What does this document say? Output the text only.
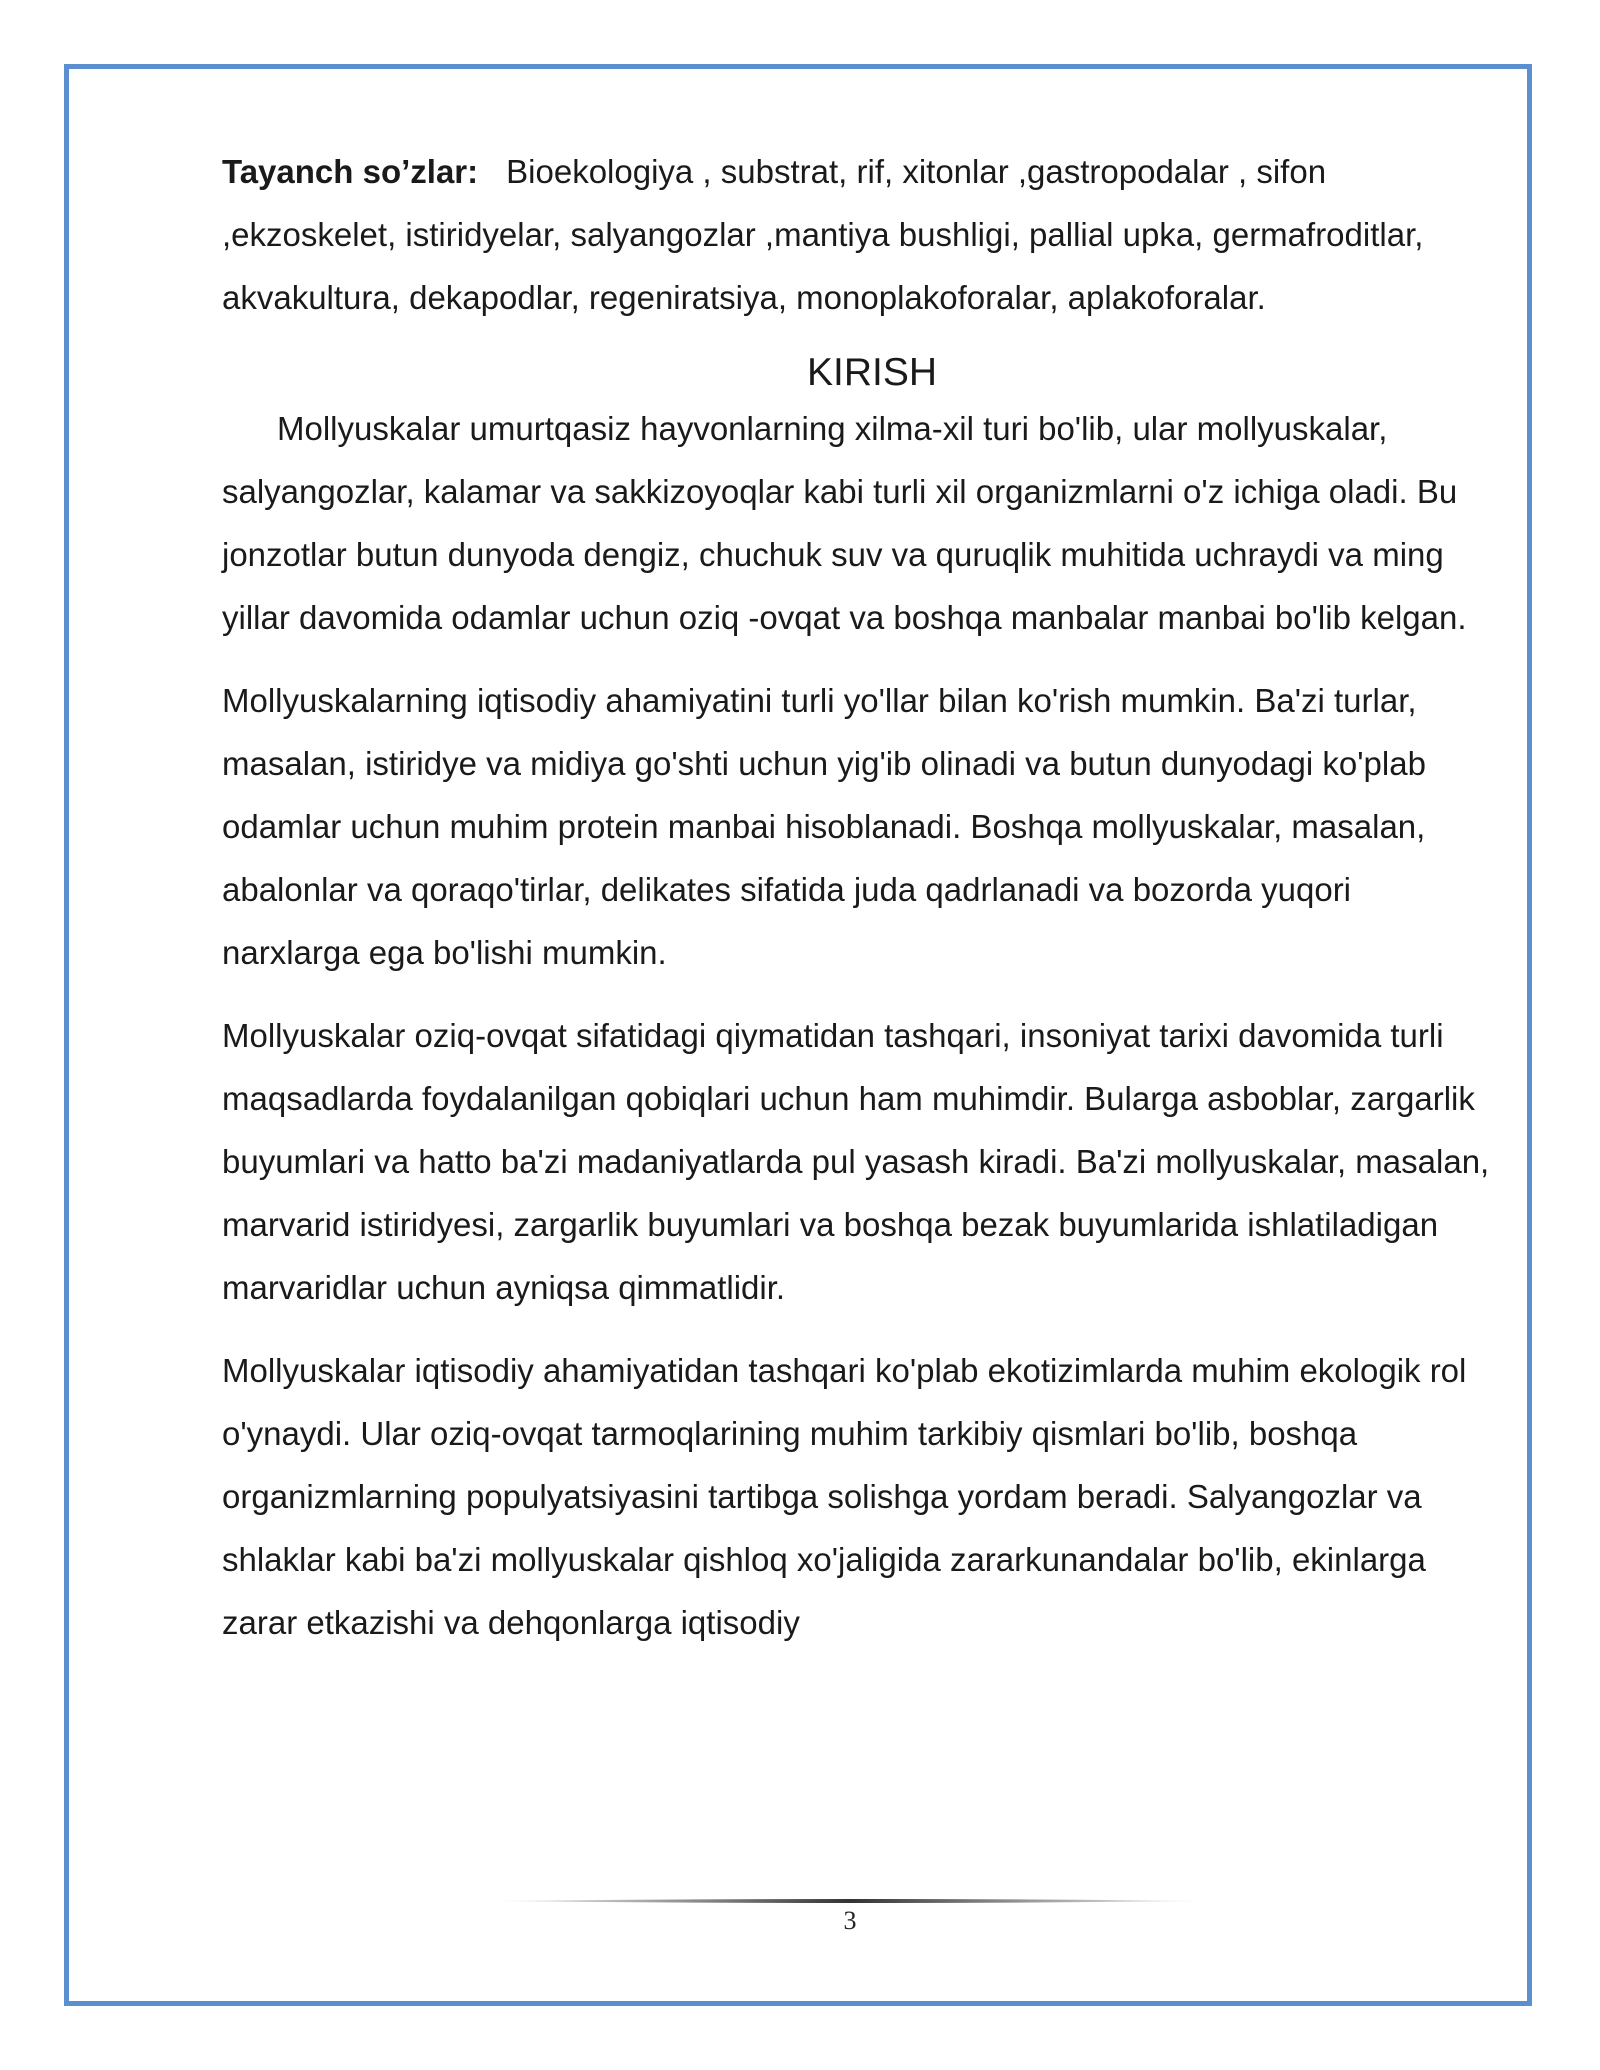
Tayanch so’zlar: Bioekologiya , substrat, rif, xitonlar ,gastropodalar , sifon ,ekzoskelet, istiridyelar, salyangozlar ,mantiya bushligi, pallial upka, germafroditlar, akvakultura, dekapodlar, regeniratsiya, monoplakoforalar, aplakoforalar.

KIRISH

Mollyuskalar umurtqasiz hayvonlarning xilma-xil turi bo'lib, ular mollyuskalar, salyangozlar, kalamar va sakkizoyoqlar kabi turli xil organizmlarni o'z ichiga oladi. Bu jonzotlar butun dunyoda dengiz, chuchuk suv va quruqlik muhitida uchraydi va ming yillar davomida odamlar uchun oziq -ovqat va boshqa manbalar manbai bo'lib kelgan.

Mollyuskalarning iqtisodiy ahamiyatini turli yo'llar bilan ko'rish mumkin. Ba'zi turlar, masalan, istiridye va midiya go'shti uchun yig'ib olinadi va butun dunyodagi ko'plab odamlar uchun muhim protein manbai hisoblanadi. Boshqa mollyuskalar, masalan, abalonlar va qoraqo'tirlar, delikates sifatida juda qadrlanadi va bozorda yuqori narxlarga ega bo'lishi mumkin.

Mollyuskalar oziq-ovqat sifatidagi qiymatidan tashqari, insoniyat tarixi davomida turli maqsadlarda foydalanilgan qobiqlari uchun ham muhimdir. Bularga asboblar, zargarlik buyumlari va hatto ba'zi madaniyatlarda pul yasash kiradi. Ba'zi mollyuskalar, masalan, marvarid istiridyesi, zargarlik buyumlari va boshqa bezak buyumlarida ishlatiladigan marvaridlar uchun ayniqsa qimmatlidir.

Mollyuskalar iqtisodiy ahamiyatidan tashqari ko'plab ekotizimlarda muhim ekologik rol o'ynaydi. Ular oziq-ovqat tarmoqlarining muhim tarkibiy qismlari bo'lib, boshqa organizmlarning populyatsiyasini tartibga solishga yordam beradi. Salyangozlar va shlaklar kabi ba'zi mollyuskalar qishloq xo'jaligida zararkunandalar bo'lib, ekinlarga zarar etkazishi va dehqonlarga iqtisodiy

3
